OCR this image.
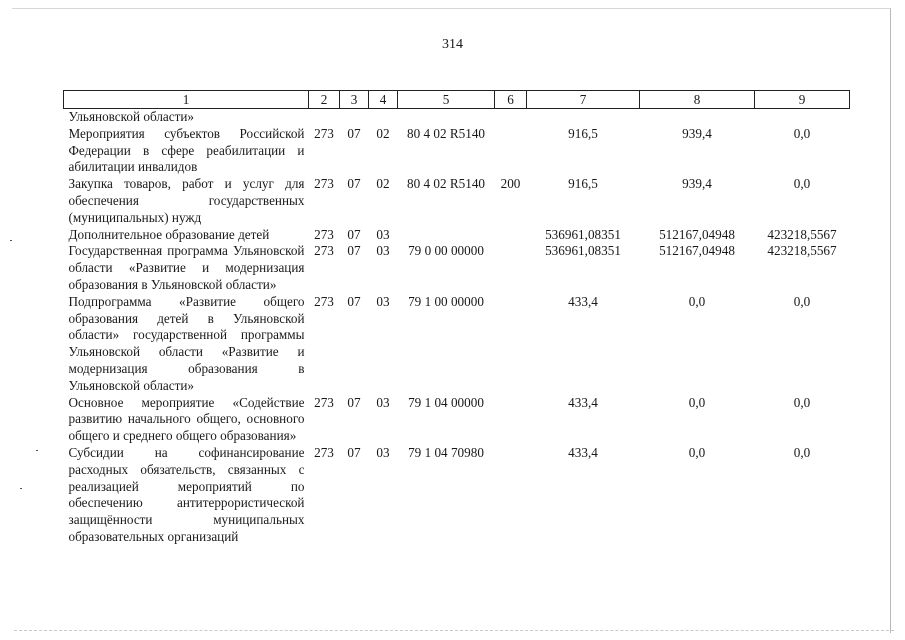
314
1	2	3	4	5	6	7	8	9
Ульяновской области»								
Мероприятия субъектов Российской Федерации в сфере реабилитации и абилитации инвалидов	273	07	02	80 4 02 R5140		916,5	939,4	0,0
Закупка товаров, работ и услуг для обеспечения государственных (муниципальных) нужд	273	07	02	80 4 02 R5140	200	916,5	939,4	0,0
Дополнительное образование детей	273	07	03			536961,08351	512167,04948	423218,5567
Государственная программа Ульяновской области «Развитие и модернизация образования в Ульяновской области»	273	07	03	79 0 00 00000		536961,08351	512167,04948	423218,5567
Подпрограмма «Развитие общего образования детей в Ульяновской области» государственной программы Ульяновской области «Развитие и модернизация образования в Ульяновской области»	273	07	03	79 1 00 00000		433,4	0,0	0,0
Основное мероприятие «Содействие развитию начального общего, основного общего и среднего общего образования»	273	07	03	79 1 04 00000		433,4	0,0	0,0
Субсидии на софинансирование расходных обязательств, связанных с реализацией мероприятий по обеспечению антитеррористической защищённости муниципальных образовательных организаций	273	07	03	79 1 04 70980		433,4	0,0	0,0
